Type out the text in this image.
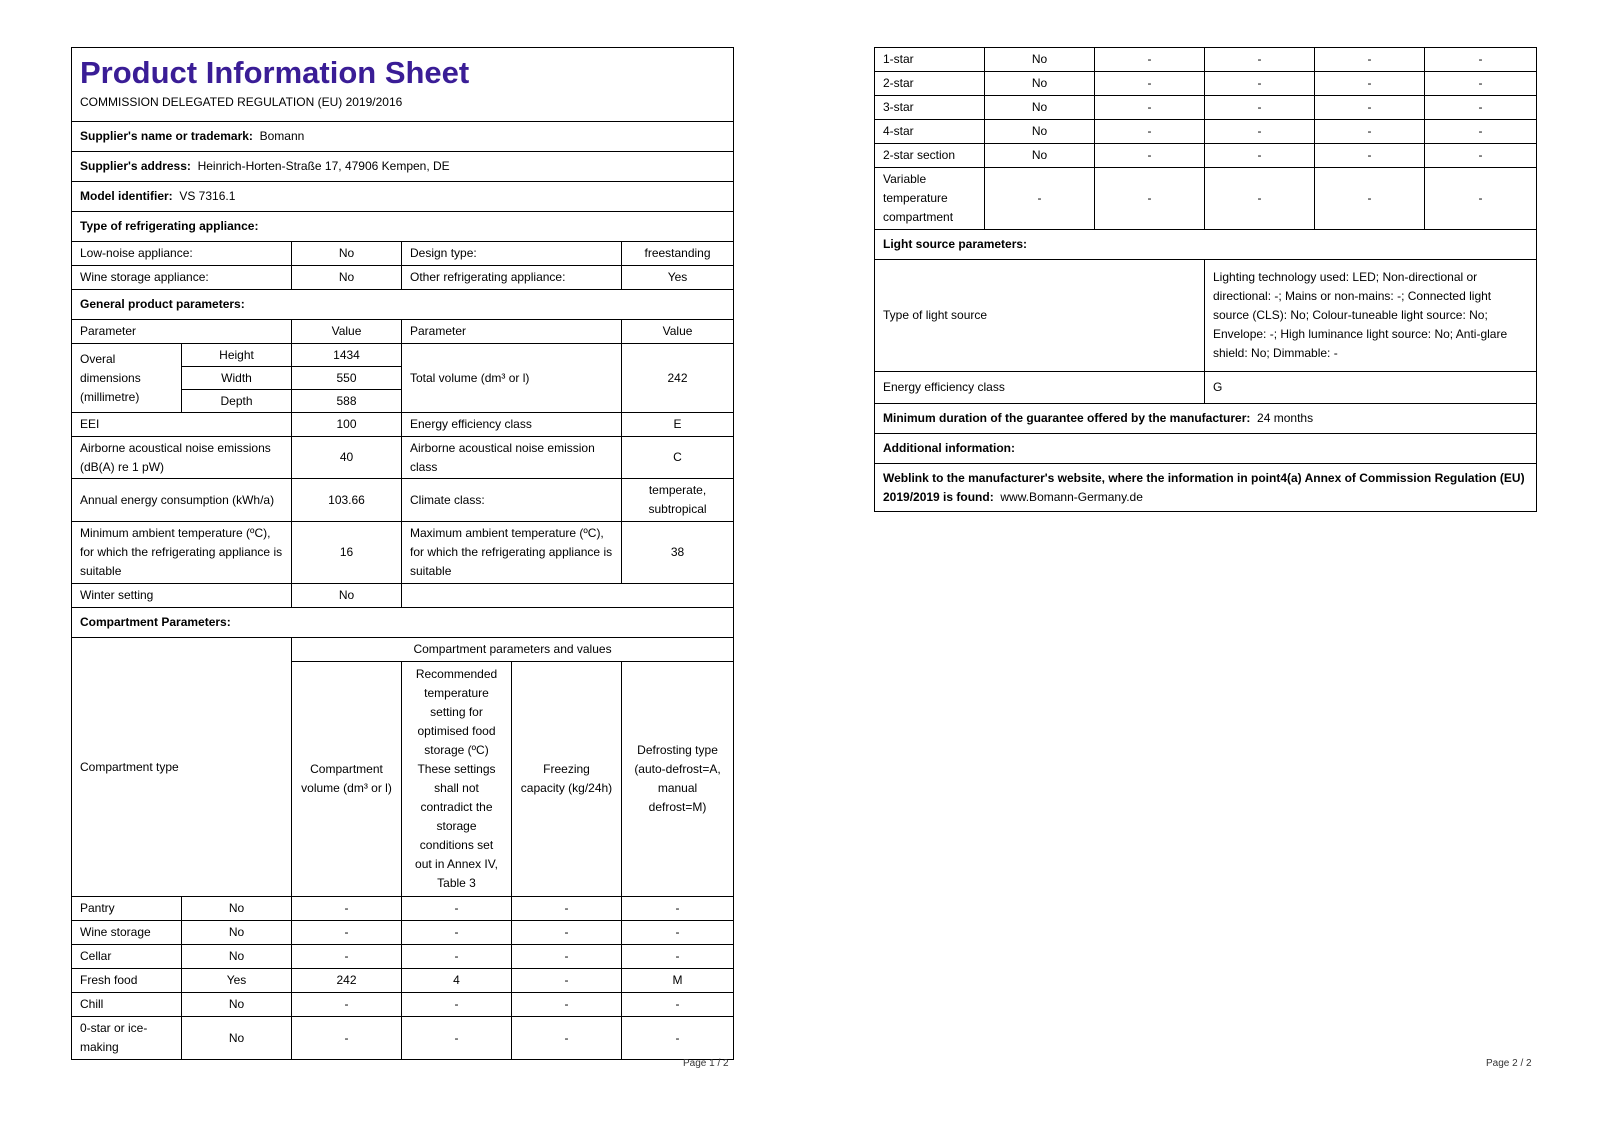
Product Information Sheet
COMMISSION DELEGATED REGULATION (EU) 2019/2016					

Supplier's name or trademark: Bomann					
Supplier's address: Heinrich-Horten-Straße 17, 47906 Kempen, DE					
Model identifier: VS 7316.1					
Type of refrigerating appliance:					
Low-noise appliance:		No	Design type:		freestanding
Wine storage appliance:		No	Other refrigerating appliance:		Yes
General product parameters:					
Parameter		Value	Parameter		Value
Overal dimensions (millimetre)	Height	1434	Total volume (dm³ or l)		242
	Width	550			
	Depth	588			
EEI		100	Energy efficiency class		E
Airborne acoustical noise emissions (dB(A) re 1 pW)		40	Airborne acoustical noise emission class		C
Annual energy consumption (kWh/a)		103.66	Climate class:		temperate, subtropical
Minimum ambient temperature (ºC), for which the refrigerating appliance is suitable		16	Maximum ambient temperature (ºC), for which the refrigerating appliance is suitable		38
Winter setting		No			
Compartment Parameters:					
Compartment type		Compartment parameters and values			
		Compartment volume (dm³ or l)	Recommended temperature setting for optimised food storage (ºC) These settings shall not contradict the storage conditions set out in Annex IV, Table 3	Freezing capacity (kg/24h)	Defrosting type (auto-defrost=A, manual defrost=M)
Pantry	No	-	-	-	-
Wine storage	No	-	-	-	-
Cellar	No	-	-	-	-
Fresh food	Yes	242	4	-	M
Chill	No	-	-	-	-
0-star or ice-making	No	-	-	-	-
Page 1 / 2
1-star	No	-	-	-	-
2-star	No	-	-	-	-
3-star	No	-	-	-	-
4-star	No	-	-	-	-
2-star section	No	-	-	-	-
Variable temperature compartment	-	-	-	-	-
Light source parameters:					
Type of light source			Lighting technology used: LED; Non-directional or directional: -; Mains or non-mains: -; Connected light source (CLS): No; Colour-tuneable light source: No; Envelope: -; High luminance light source: No; Anti-glare shield: No; Dimmable: -		
Energy efficiency class			G		
Minimum duration of the guarantee offered by the manufacturer: 24 months					
Additional information:					
Weblink to the manufacturer's website, where the information in point4(a) Annex of Commission Regulation (EU) 2019/2019 is found: www.Bomann-Germany.de					
Page 2 / 2
